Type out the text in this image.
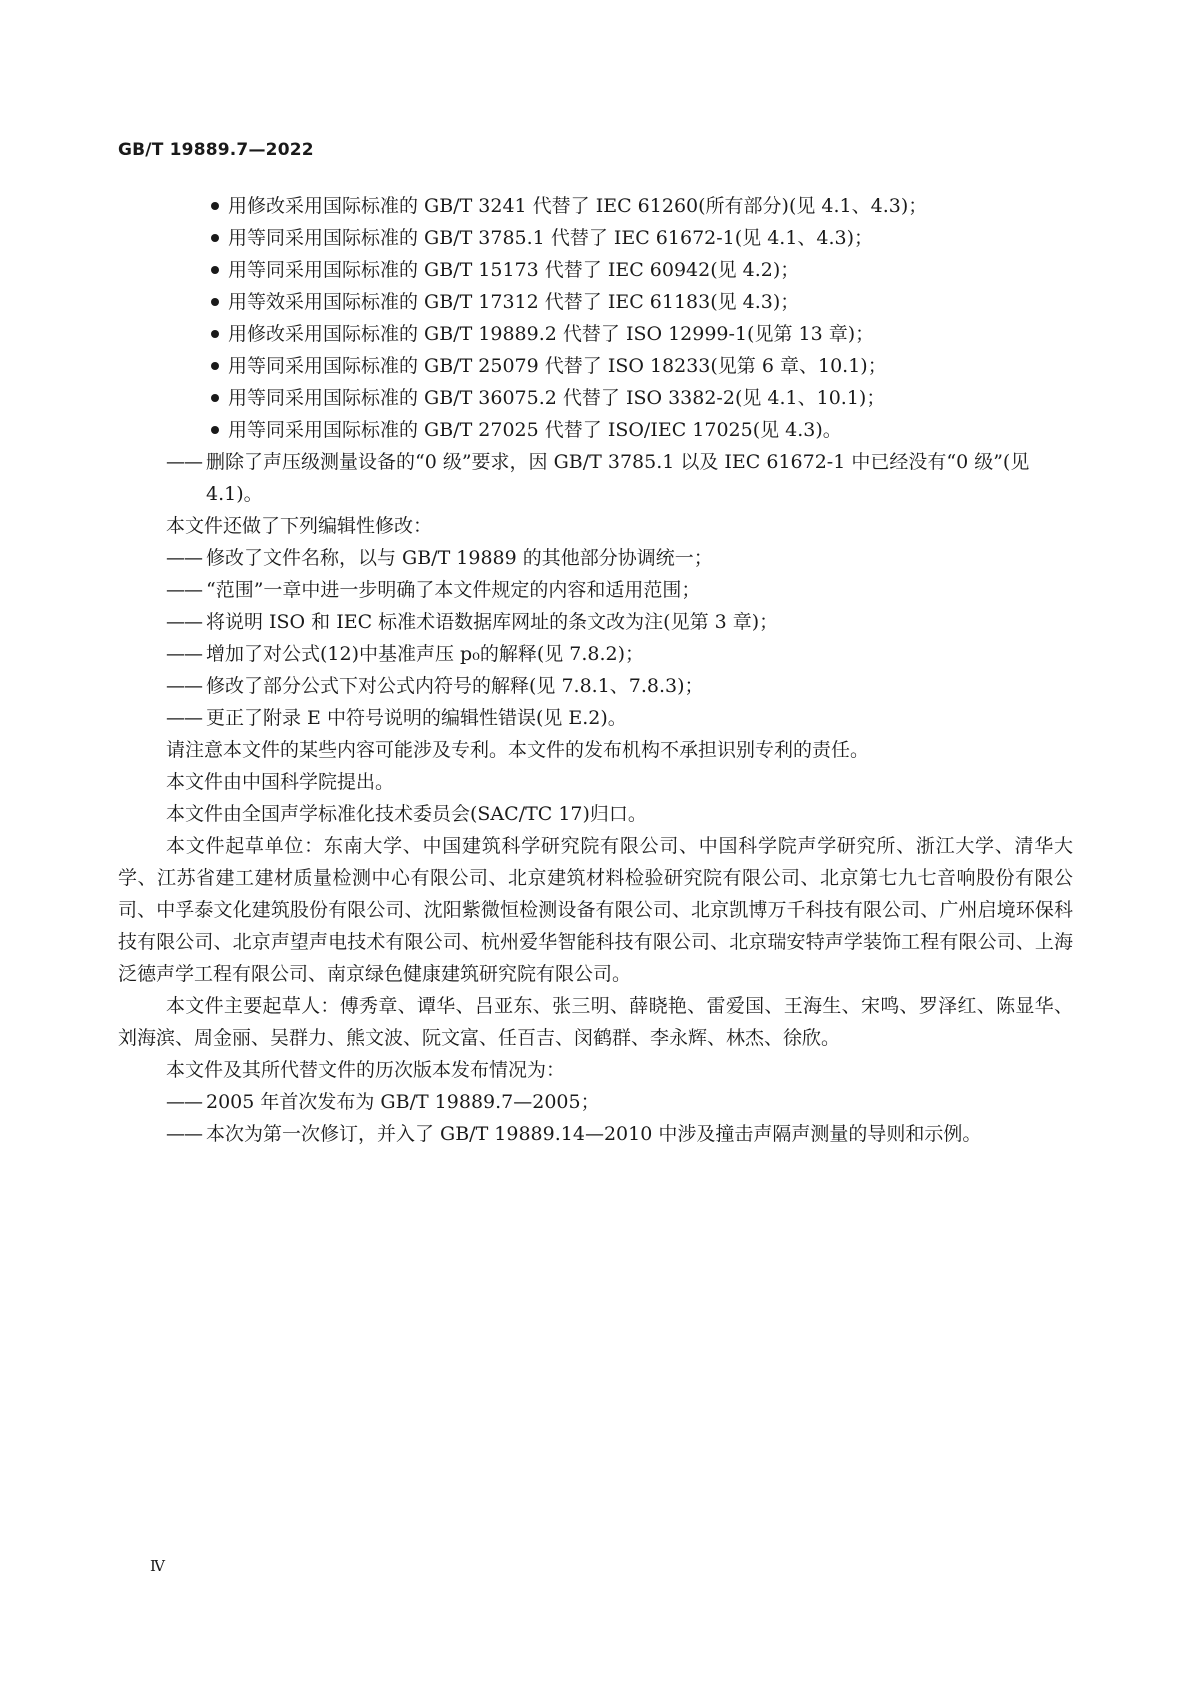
GB/T 19889.7—2022
用修改采用国际标准的 GB/T 3241 代替了 IEC 61260(所有部分)(见 4.1、4.3)；
用等同采用国际标准的 GB/T 3785.1 代替了 IEC 61672-1(见 4.1、4.3)；
用等同采用国际标准的 GB/T 15173 代替了 IEC 60942(见 4.2)；
用等效采用国际标准的 GB/T 17312 代替了 IEC 61183(见 4.3)；
用修改采用国际标准的 GB/T 19889.2 代替了 ISO 12999-1(见第 13 章)；
用等同采用国际标准的 GB/T 25079 代替了 ISO 18233(见第 6 章、10.1)；
用等同采用国际标准的 GB/T 36075.2 代替了 ISO 3382-2(见 4.1、10.1)；
用等同采用国际标准的 GB/T 27025 代替了 ISO/IEC 17025(见 4.3)。
—— 删除了声压级测量设备的“0 级”要求，因 GB/T 3785.1 以及 IEC 61672-1 中已经没有“0 级”(见 4.1)。
本文件还做了下列编辑性修改：
—— 修改了文件名称，以与 GB/T 19889 的其他部分协调统一；
—— “范围”一章中进一步明确了本文件规定的内容和适用范围；
—— 将说明 ISO 和 IEC 标准术语数据库网址的条文改为注(见第 3 章)；
—— 增加了对公式(12)中基准声压 p₀的解释(见 7.8.2)；
—— 修改了部分公式下对公式内符号的解释(见 7.8.1、7.8.3)；
—— 更正了附录 E 中符号说明的编辑性错误(见 E.2)。
请注意本文件的某些内容可能涉及专利。本文件的发布机构不承担识别专利的责任。
本文件由中国科学院提出。
本文件由全国声学标准化技术委员会(SAC/TC 17)归口。
本文件起草单位：东南大学、中国建筑科学研究院有限公司、中国科学院声学研究所、浙江大学、清华大学、江苏省建工建材质量检测中心有限公司、北京建筑材料检验研究院有限公司、北京第七九七音响股份有限公司、中孚泰文化建筑股份有限公司、沈阳紫微恒检测设备有限公司、北京凯博万千科技有限公司、广州启境环保科技有限公司、北京声望声电技术有限公司、杭州爱华智能科技有限公司、北京瑞安特声学装饰工程有限公司、上海泛德声学工程有限公司、南京绿色健康建筑研究院有限公司。
本文件主要起草人：傅秀章、谭华、吕亚东、张三明、薛晓艳、雷爱国、王海生、宋鸣、罗泽红、陈显华、刘海滨、周金丽、吴群力、熊文波、阮文富、任百吉、闵鹤群、李永辉、林杰、徐欣。
本文件及其所代替文件的历次版本发布情况为：
—— 2005 年首次发布为 GB/T 19889.7—2005；
—— 本次为第一次修订，并入了 GB/T 19889.14—2010 中涉及撞击声隔声测量的导则和示例。
Ⅳ
